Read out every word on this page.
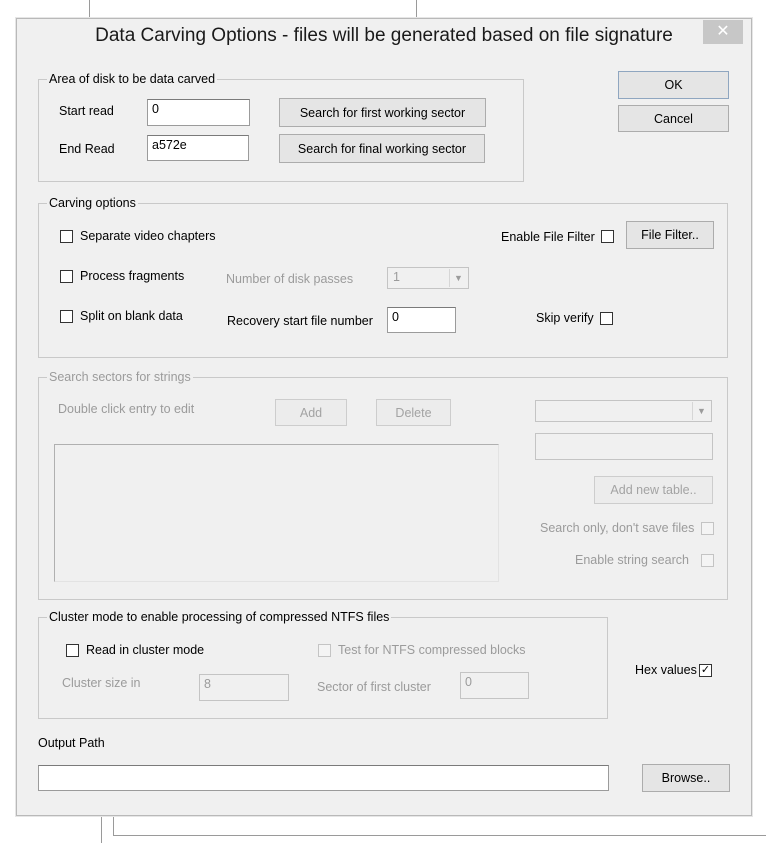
Data Carving Options - files will be generated based on file signature	✕
OK
Cancel
Area of disk to be data carved
Start read	0	Search for first working sector
End Read	a572e	Search for final working sector
Carving options
Separate video chapters	Enable File Filter	File Filter..
Process fragments	Number of disk passes	1	▼
Split on blank data	Recovery start file number	0	Skip verify
Search sectors for strings
Double click entry to edit	Add	Delete	▼
Add new table..
Search only, don't save files
Enable string search
Cluster mode to enable processing of compressed NTFS files
Read in cluster mode	Test for NTFS compressed blocks
Cluster size in	8	Sector of first cluster	0
Hex values ✓
Output Path
Browse..
